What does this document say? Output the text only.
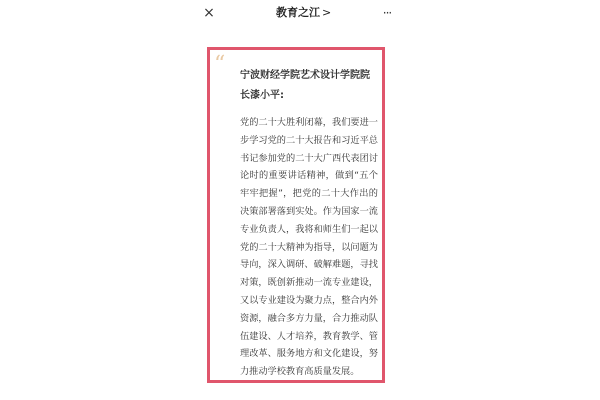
×	教育之江 >	···
“ 宁波财经学院艺术设计学院院长漆小平:
党的二十大胜利闭幕，我们要进一步学习党的二十大报告和习近平总书记参加党的二十大广西代表团讨论时的重要讲话精神，做到“五个牢牢把握”，把党的二十大作出的决策部署落到实处。作为国家一流专业负责人，我将和师生们一起以党的二十大精神为指导，以问题为导向，深入调研、破解难题，寻找对策，既创新推动一流专业建设，又以专业建设为聚力点，整合内外资源，融合多方力量，合力推动队伍建设、人才培养，教育教学、管理改革、服务地方和文化建设，努力推动学校教育高质量发展。
